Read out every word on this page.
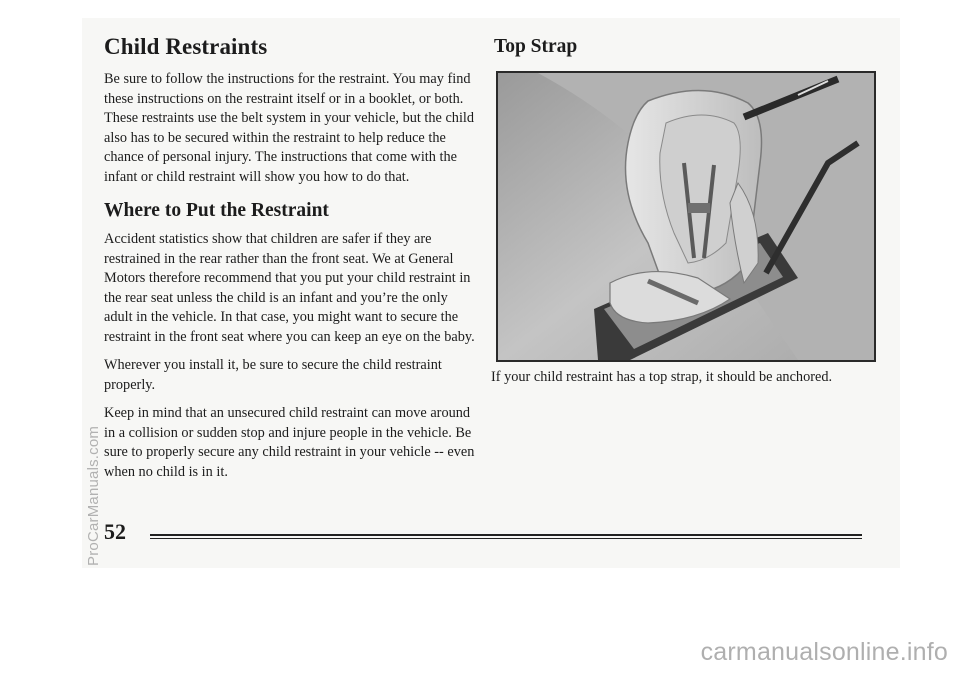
Child Restraints

Be sure to follow the instructions for the restraint. You may find these instructions on the restraint itself or in a booklet, or both. These restraints use the belt system in your vehicle, but the child also has to be secured within the restraint to help reduce the chance of personal injury. The instructions that come with the infant or child restraint will show you how to do that.

Where to Put the Restraint

Accident statistics show that children are safer if they are restrained in the rear rather than the front seat. We at General Motors therefore recommend that you put your child restraint in the rear seat unless the child is an infant and you’re the only adult in the vehicle. In that case, you might want to secure the restraint in the front seat where you can keep an eye on the baby.

Wherever you install it, be sure to secure the child restraint properly.

Keep in mind that an unsecured child restraint can move around in a collision or sudden stop and injure people in the vehicle. Be sure to properly secure any child restraint in your vehicle -- even when no child is in it.

Top Strap
If your child restraint has a top strap, it should be anchored.
52
ProCarManuals.com
carmanualsonline.info
